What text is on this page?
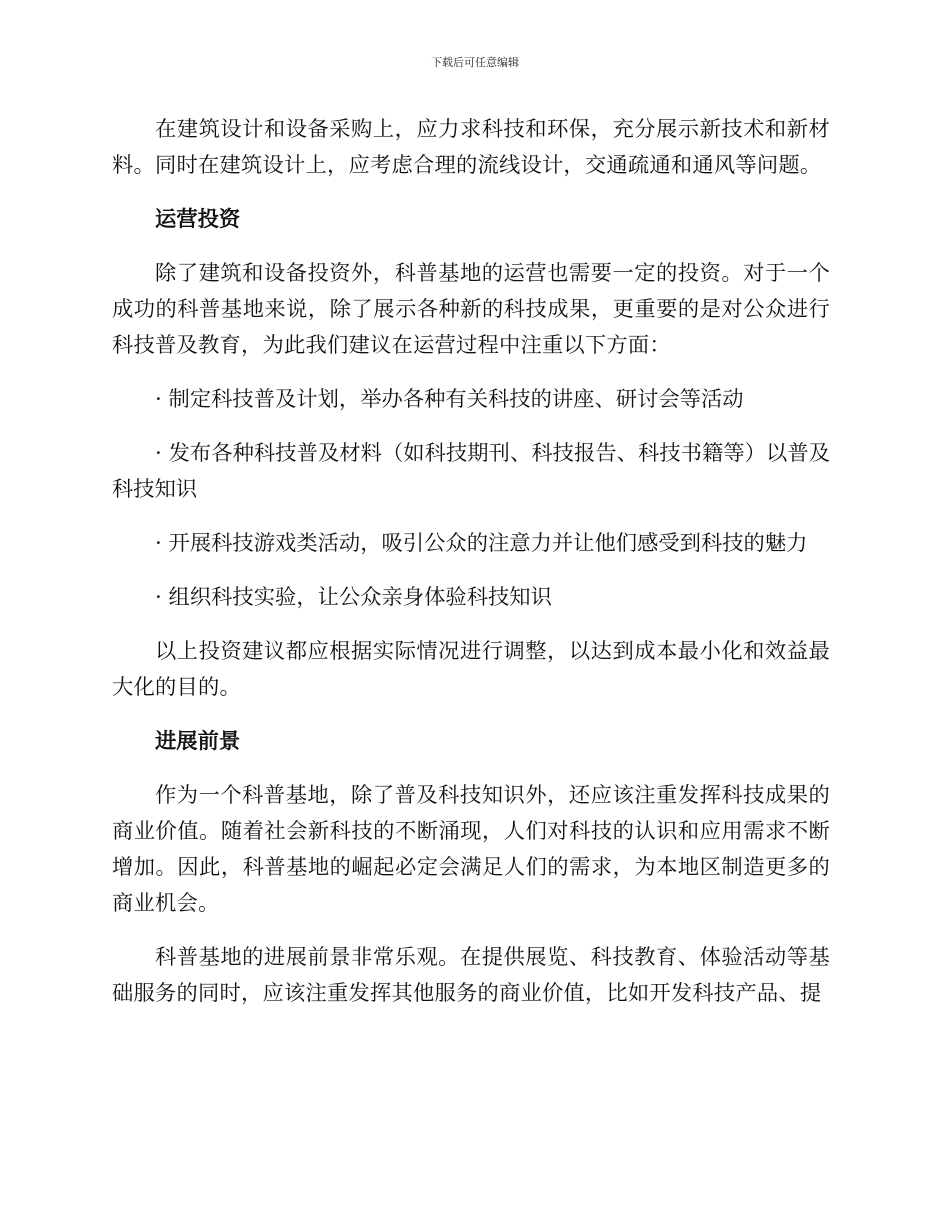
下载后可任意编辑

在建筑设计和设备采购上，应力求科技和环保，充分展示新技术和新材料。同时在建筑设计上，应考虑合理的流线设计，交通疏通和通风等问题。

运营投资

除了建筑和设备投资外，科普基地的运营也需要一定的投资。对于一个成功的科普基地来说，除了展示各种新的科技成果，更重要的是对公众进行科技普及教育，为此我们建议在运营过程中注重以下方面：

· 制定科技普及计划，举办各种有关科技的讲座、研讨会等活动

· 发布各种科技普及材料（如科技期刊、科技报告、科技书籍等）以普及科技知识

· 开展科技游戏类活动，吸引公众的注意力并让他们感受到科技的魅力

· 组织科技实验，让公众亲身体验科技知识

以上投资建议都应根据实际情况进行调整，以达到成本最小化和效益最大化的目的。

进展前景

作为一个科普基地，除了普及科技知识外，还应该注重发挥科技成果的商业价值。随着社会新科技的不断涌现，人们对科技的认识和应用需求不断增加。因此，科普基地的崛起必定会满足人们的需求，为本地区制造更多的商业机会。

科普基地的进展前景非常乐观。在提供展览、科技教育、体验活动等基础服务的同时，应该注重发挥其他服务的商业价值，比如开发科技产品、提
